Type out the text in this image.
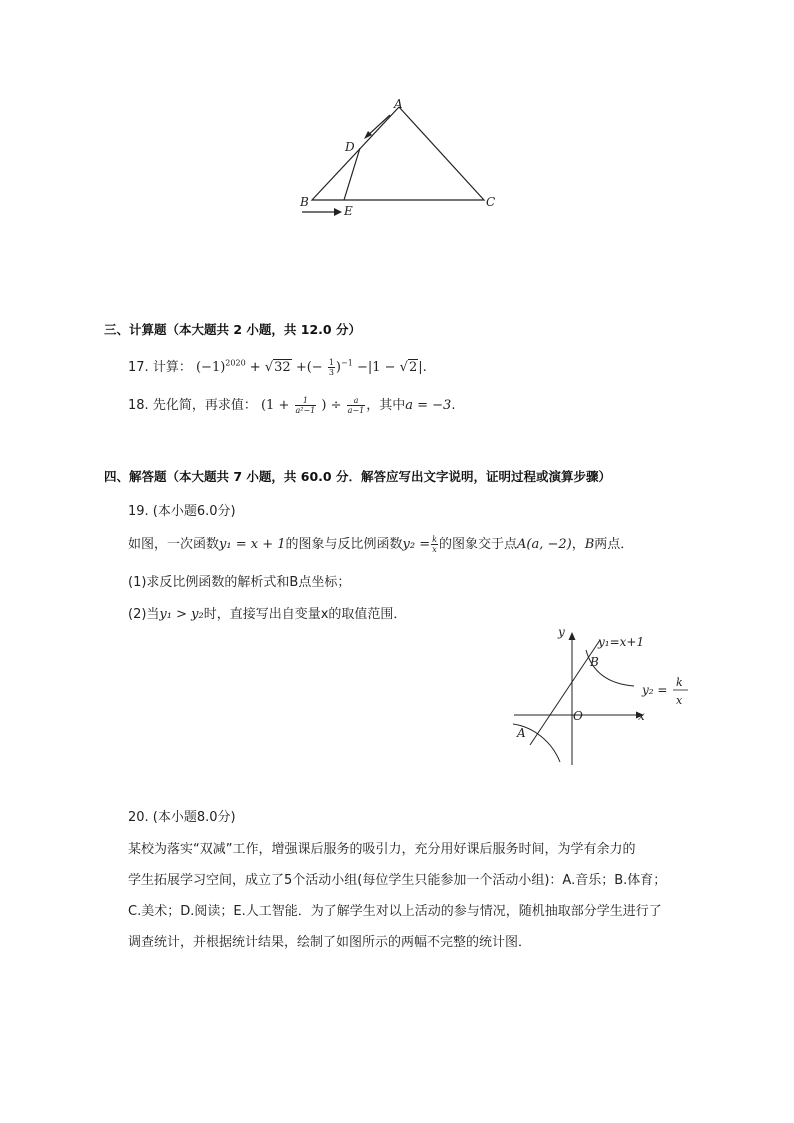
A
D
B
E
C
三、计算题（本大题共 2 小题，共 12.0 分）
17. 计算： $(-1)^{2020} + √32$ +(− $\frac{1}{3} )^{-1} -|1 - √2|$.
18. 先化简，再求值： ($1 + \frac{1}{\text{a²−1}}$ ) ÷ $\frac{a}{a-1}$ ，其中a = −3.
四、解答题（本大题共 7 小题，共 60.0 分．解答应写出文字说明，证明过程或演算步骤）
19. (本小题6.0分)
如图，一次函数y₁ = x + 1的图象与反比例函数$y_2 = \frac{k}{x}$ 的图象交于点A(a, −2)，B两点．
(1)求反比例函数的解析式和B点坐标；
(2)当y₁ > y₂时，直接写出自变量x的取值范围．
y
x
O
A
B
y₁=x+1
y₂ =
k
x
20. (本小题8.0分)
某校为落实“双减”工作，增强课后服务的吸引力，充分用好课后服务时间，为学有余力的
学生拓展学习空间，成立了5个活动小组(每位学生只能参加一个活动小组)：A.音乐；B.体育；
C.美术；D.阅读；E.人工智能．为了解学生对以上活动的参与情况，随机抽取部分学生进行了
调查统计，并根据统计结果，绘制了如图所示的两幅不完整的统计图．
